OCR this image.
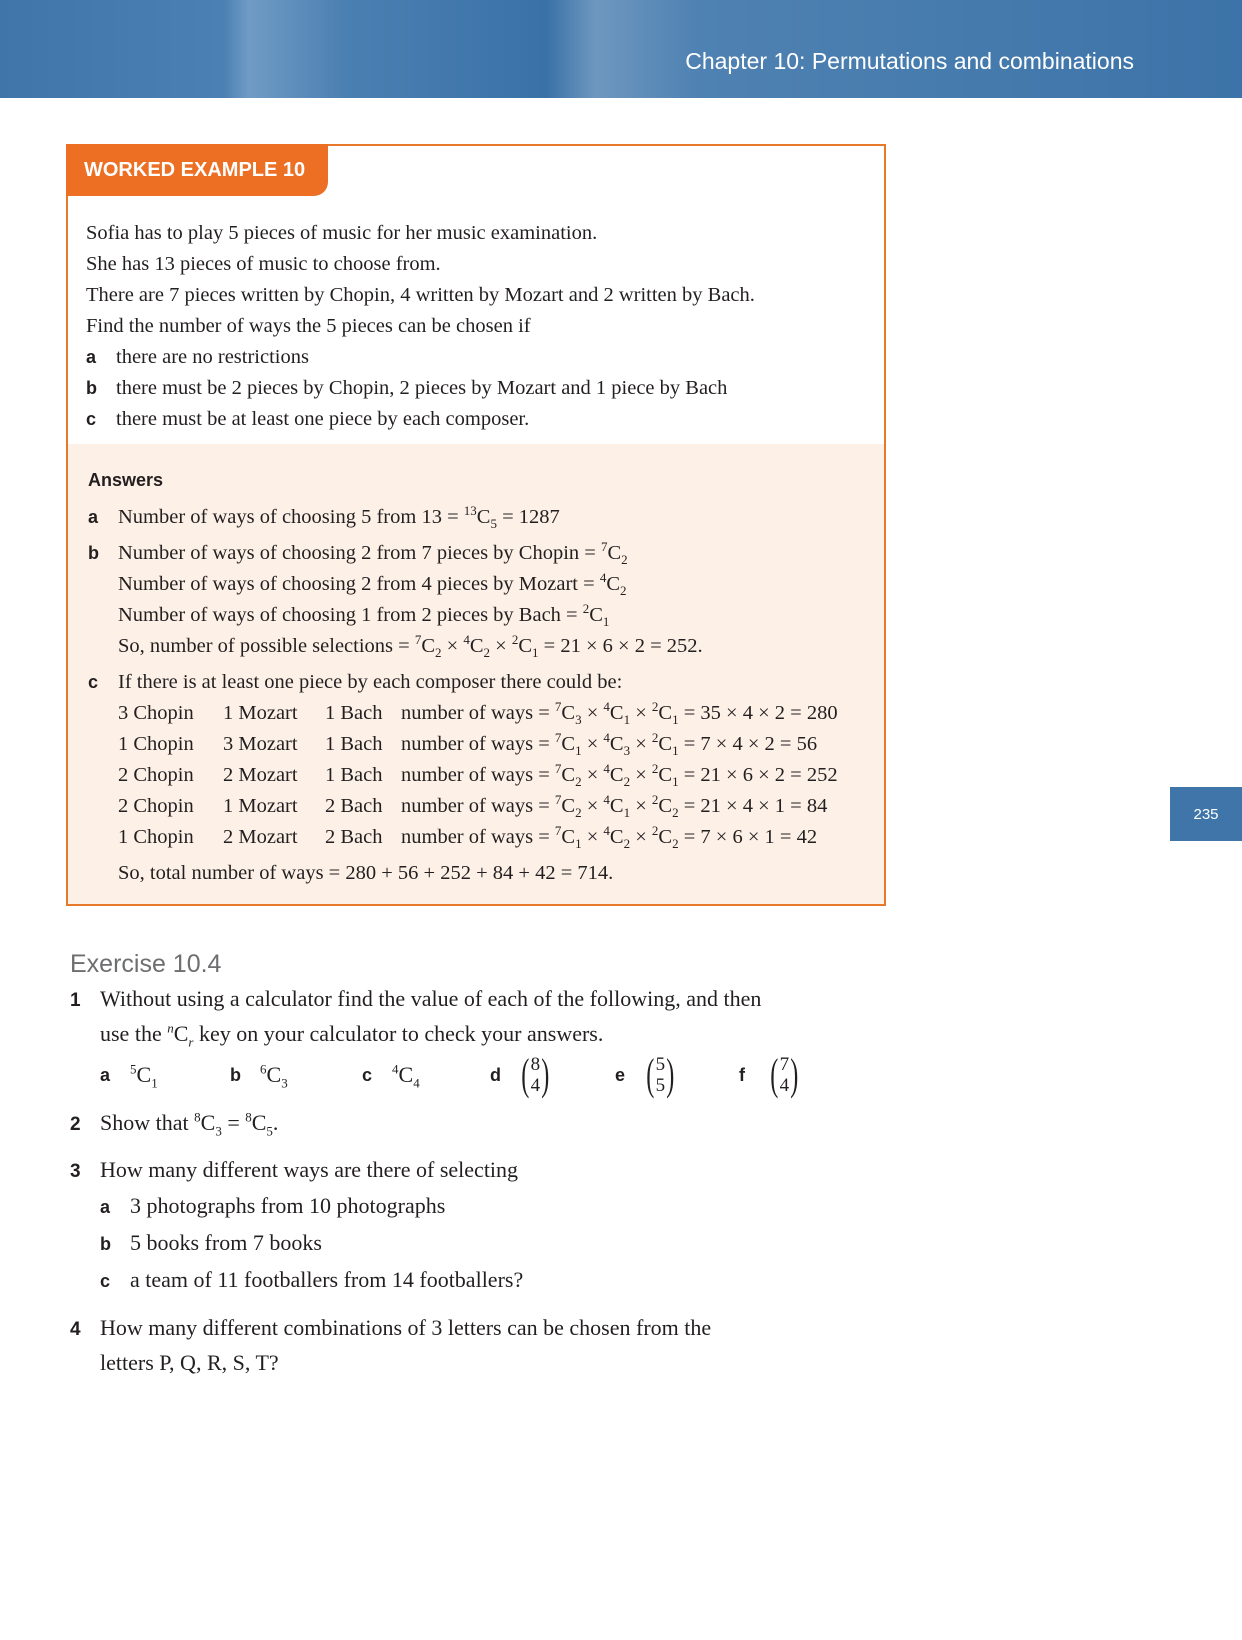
Chapter 10: Permutations and combinations
235
WORKED EXAMPLE 10
Sofia has to play 5 pieces of music for her music examination.
She has 13 pieces of music to choose from.
There are 7 pieces written by Chopin, 4 written by Mozart and 2 written by Bach.
Find the number of ways the 5 pieces can be chosen if
a there are no restrictions
b there must be 2 pieces by Chopin, 2 pieces by Mozart and 1 piece by Bach
c there must be at least one piece by each composer.
Answers
a Number of ways of choosing 5 from $13 = ^{13}C_5 = 1287$
b Number of ways of choosing 2 from 7 pieces by Chopin = $^7C_2$
Number of ways of choosing 2 from 4 pieces by Mozart = $^4C_2$
Number of ways of choosing 1 from 2 pieces by Bach = $^2C_1$
So, number of possible selections = $^7C_2 \times ^4C_2 \times ^2C_1 = 21 \times 6 \times 2 = 252$.
c If there is at least one piece by each composer there could be:
3 Chopin	1 Mozart	1 Bach number of ways = $^7C_3 \times ^4C_1 \times ^2C_1 = 35 \times 4 \times 2 = 280$
1 Chopin	3 Mozart	1 Bach number of ways = $^7C_1 \times ^4C_3 \times ^2C_1 = 7 \times 4 \times 2 = 56$
2 Chopin	2 Mozart	1 Bach number of ways = $^7C_2 \times ^4C_2 \times ^2C_1 = 21 \times 6 \times 2 = 252$
2 Chopin	1 Mozart	2 Bach number of ways = $^7C_2 \times ^4C_1 \times ^2C_2 = 21 \times 4 \times 1 = 84$
1 Chopin	2 Mozart	2 Bach number of ways = $^7C_1 \times ^4C_2 \times ^2C_2 = 7 \times 6 \times 1 = 42$
So, total number of ways = 280 + 56 + 252 + 84 + 42 = 714.
Exercise 10.4
1 Without using a calculator find the value of each of the following, and then
use the $^nC_r$ key on your calculator to check your answers.
a	$^5C_1$	b	$^6C_3$	c	$^4C_4$	d ( 8
4 )	e ( 5
5 )	f ( 7
4 )
2 Show that $^8C_3 = ^8C_5$.
3 How many different ways are there of selecting
a 3 photographs from 10 photographs
b 5 books from 7 books
c a team of 11 footballers from 14 footballers?
4 How many different combinations of 3 letters can be chosen from the
letters P, Q, R, S, T?
